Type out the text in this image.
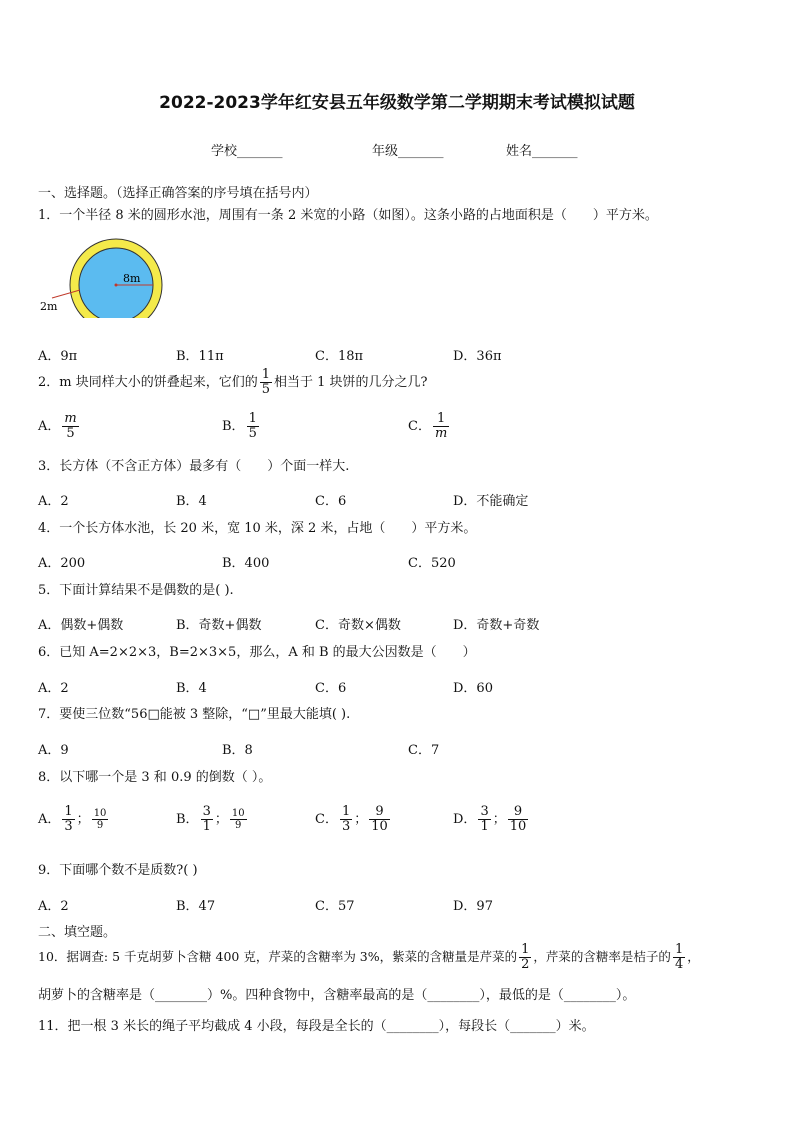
2022-2023学年红安县五年级数学第二学期期末考试模拟试题
学校_______	年级_______	姓名_______
一、选择题。（选择正确答案的序号填在括号内）
1．一个半径 8 米的圆形水池，周围有一条 2 米宽的小路（如图）。这条小路的占地面积是（　　）平方米。
8m
2m
A．9π	B．11π	C．18π	D．36π
2．m 块同样大小的饼叠起来，它们的 $\frac{1}{5}$ 相当于 1 块饼的几分之几?
A． $\frac{m}{5}$	B． $\frac{1}{5}$	C． $\frac{1}{m}$
3．长方体（不含正方体）最多有（　　）个面一样大.
A．2	B．4	C．6	D．不能确定
4．一个长方体水池，长 20 米，宽 10 米，深 2 米，占地（　　）平方米。
A．200	B．400	C．520
5．下面计算结果不是偶数的是( ).
A．偶数+偶数	B．奇数+偶数	C．奇数×偶数	D．奇数+奇数
6．已知 A=2×2×3，B=2×3×5，那么，A 和 B 的最大公因数是（　　）
A．2	B．4	C．6	D．60
7．要使三位数“56□能被 3 整除，“□”里最大能填( ).
A．9	B．8	C．7
8．以下哪一个是 3 和 0.9 的倒数（ ）。
A． $\frac{1}{3}$ ； $\frac{10}{9}$	B． $\frac{3}{1}$ ； $\frac{10}{9}$	C． $\frac{1}{3}$ ； $\frac{9}{10}$	D． $\frac{3}{1}$ ； $\frac{9}{10}$
9．下面哪个数不是质数?( )
A．2	B．47	C．57	D．97
二、填空题。
10．据调查: 5 千克胡萝卜含糖 400 克，芹菜的含糖率为 3%，紫菜的含糖量是芹菜的 $\frac{1}{2}$ ，芹菜的含糖率是桔子的 $\frac{1}{4}$ ，
胡萝卜的含糖率是（________）%。四种食物中，含糖率最高的是（________），最低的是（________）。
11．把一根 3 米长的绳子平均截成 4 小段，每段是全长的（________），每段长（_______）米。
